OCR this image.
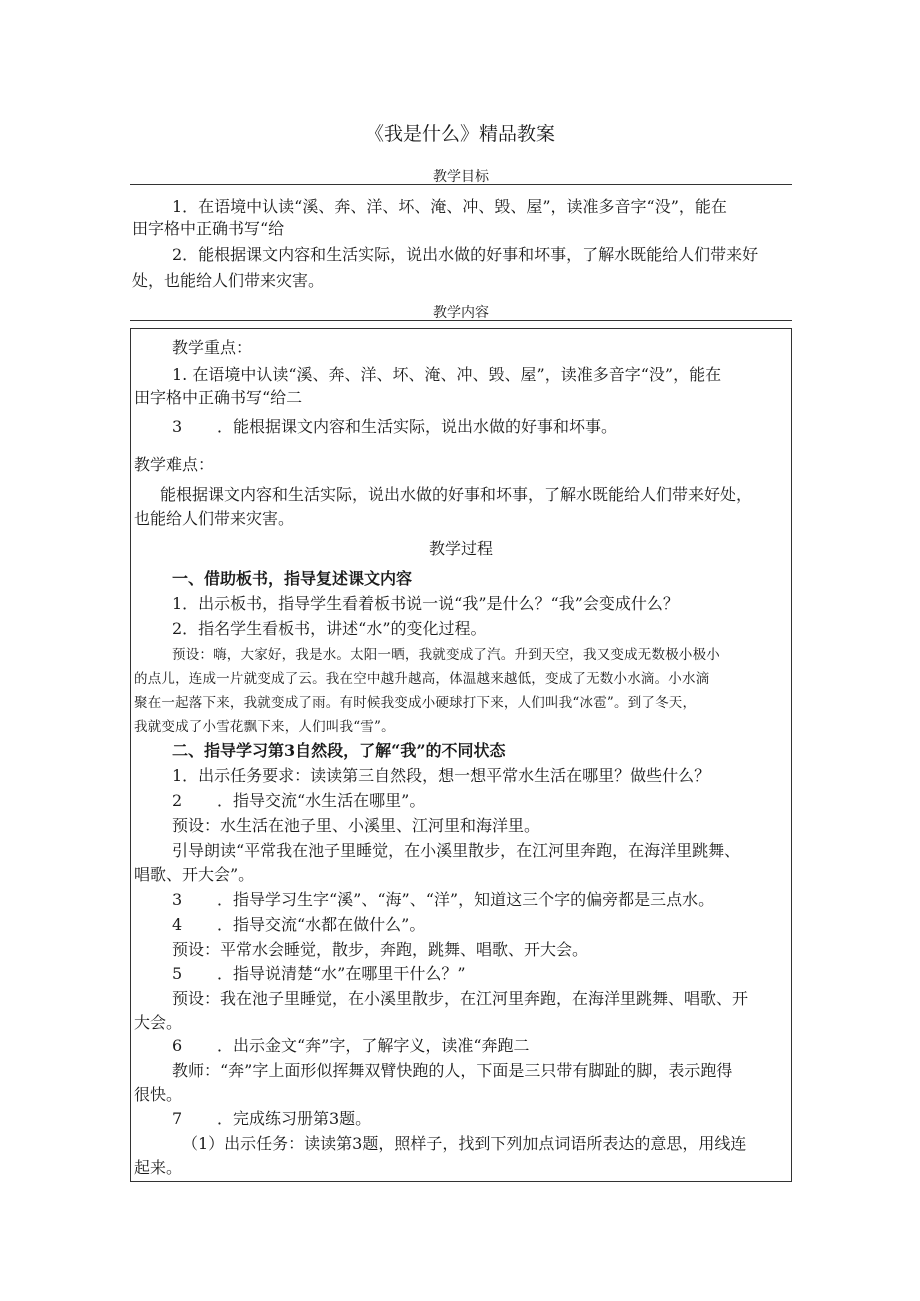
《我是什么》精品教案
教学目标
1．在语境中认读“溪、奔、洋、坏、淹、冲、毁、屋”，读准多音字“没”，能在
田字格中正确书写“给
2．能根据课文内容和生活实际，说出水做的好事和坏事，了解水既能给人们带来好
处，也能给人们带来灾害。
教学内容
教学重点：
1. 在语境中认读“溪、奔、洋、坏、淹、冲、毁、屋”，读准多音字“没”，能在
田字格中正确书写“给二
3 ．能根据课文内容和生活实际，说出水做的好事和坏事。
教学难点：
能根据课文内容和生活实际，说出水做的好事和坏事，了解水既能给人们带来好处，
也能给人们带来灾害。
教学过程
一、借助板书，指导复述课文内容
1．出示板书，指导学生看着板书说一说“我”是什么？“我”会变成什么？
2．指名学生看板书，讲述“水”的变化过程。
预设：嗨，大家好，我是水。太阳一晒，我就变成了汽。升到天空，我又变成无数极小极小
的点儿，连成一片就变成了云。我在空中越升越高，体温越来越低，变成了无数小水滴。小水滴
聚在一起落下来，我就变成了雨。有时候我变成小硬球打下来，人们叫我“冰雹”。到了冬天，
我就变成了小雪花飘下来，人们叫我“雪”。
二、指导学习第3自然段，了解“我”的不同状态
1．出示任务要求：读读第三自然段，想一想平常水生活在哪里？做些什么？
2 ．指导交流“水生活在哪里”。
预设：水生活在池子里、小溪里、江河里和海洋里。
引导朗读“平常我在池子里睡觉，在小溪里散步，在江河里奔跑，在海洋里跳舞、
唱歌、开大会”。
3 ．指导学习生字“溪”、“海”、“洋”，知道这三个字的偏旁都是三点水。
4 ．指导交流“水都在做什么”。
预设：平常水会睡觉，散步，奔跑，跳舞、唱歌、开大会。
5 ．指导说清楚“水”在哪里干什么？”
预设：我在池子里睡觉，在小溪里散步，在江河里奔跑，在海洋里跳舞、唱歌、开
大会。
6 ．出示金文“奔”字，了解字义，读准“奔跑二
教师：“奔”字上面形似挥舞双臂快跑的人，下面是三只带有脚趾的脚，表示跑得
很快。
7 ．完成练习册第3题。
（1）出示任务：读读第3题，照样子，找到下列加点词语所表达的意思，用线连
起来。
